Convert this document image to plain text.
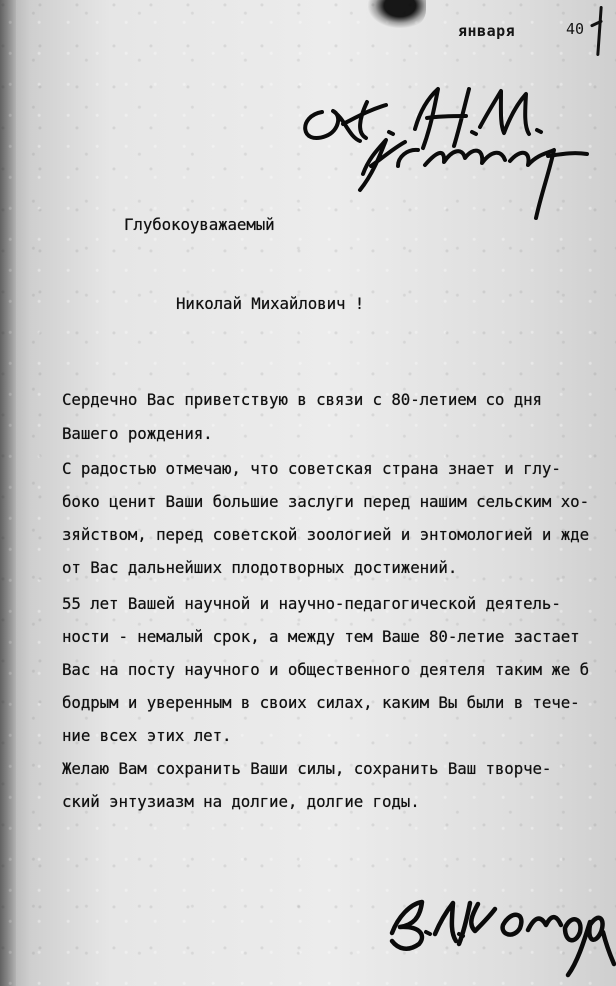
января	40
Глубокоуважаемый
Николай Михайлович !
Сердечно Вас приветствую в связи с 80-летием со дня
Вашего рождения.
С радостью отмечаю, что советская страна знает и глу-
боко ценит Ваши большие заслуги перед нашим сельским хо-
зяйством, перед советской зоологией и энтомологией и жде
от Вас дальнейших плодотворных достижений.
55 лет Вашей научной и научно-педагогической деятель-
ности - немалый срок, а между тем Ваше 80-летие застает
Вас на посту научного и общественного деятеля таким же б
бодрым и уверенным в своих силах, каким Вы были в тече-
ние всех этих лет.
Желаю Вам сохранить Ваши силы, сохранить Ваш творче-
ский энтузиазм на долгие, долгие годы.
